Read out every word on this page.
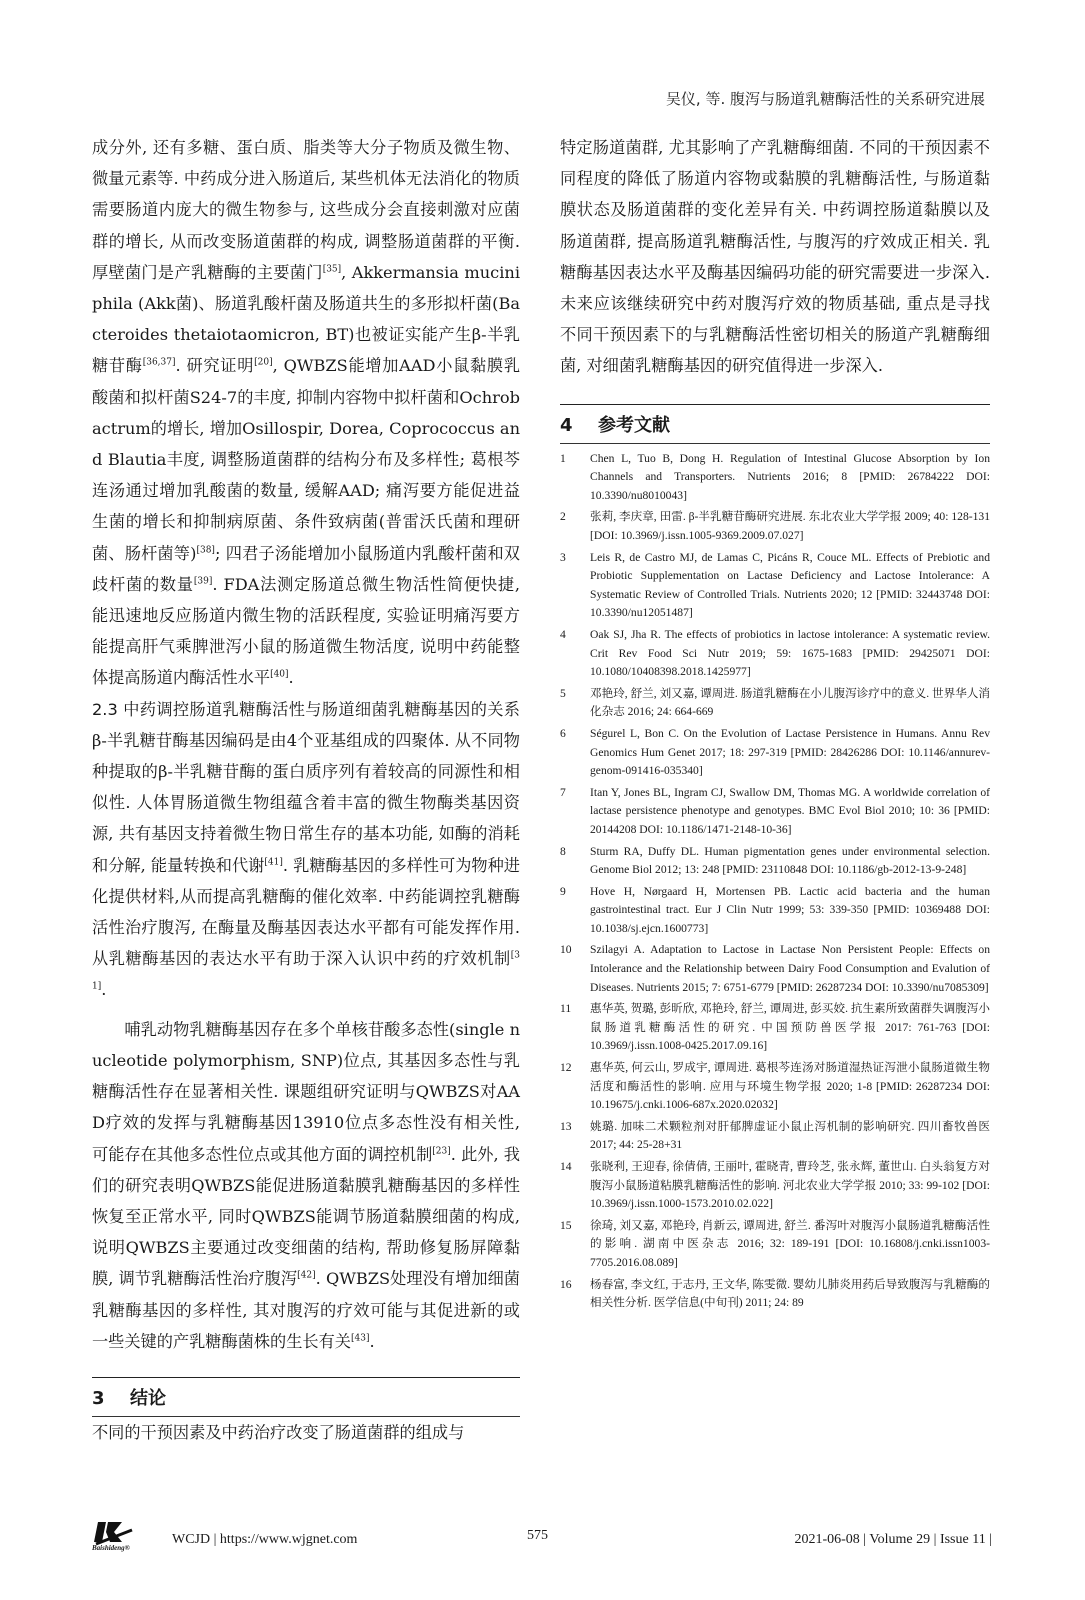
吴仪, 等. 腹泻与肠道乳糖酶活性的关系研究进展

成分外, 还有多糖、蛋白质、脂类等大分子物质及微生物、微量元素等. 中药成分进入肠道后, 某些机体无法消化的物质需要肠道内庞大的微生物参与, 这些成分会直接刺激对应菌群的增长, 从而改变肠道菌群的构成, 调整肠道菌群的平衡. 厚壁菌门是产乳糖酶的主要菌门[35], Akkermansia muciniphila (Akk菌)、肠道乳酸杆菌及肠道共生的多形拟杆菌(Bacteroides thetaiotaomicron, BT)也被证实能产生β-半乳糖苷酶[36,37]. 研究证明[20], QWBZS能增加AAD小鼠黏膜乳酸菌和拟杆菌S24-7的丰度, 抑制内容物中拟杆菌和Ochrobactrum的增长, 增加Osillospir, Dorea, Coprococcus and Blautia丰度, 调整肠道菌群的结构分布及多样性; 葛根芩连汤通过增加乳酸菌的数量, 缓解AAD; 痛泻要方能促进益生菌的增长和抑制病原菌、条件致病菌(普雷沃氏菌和理研菌、肠杆菌等)[38]; 四君子汤能增加小鼠肠道内乳酸杆菌和双歧杆菌的数量[39]. FDA法测定肠道总微生物活性简便快捷, 能迅速地反应肠道内微生物的活跃程度, 实验证明痛泻要方能提高肝气乘脾泄泻小鼠的肠道微生物活度, 说明中药能整体提高肠道内酶活性水平[40].

2.3 中药调控肠道乳糖酶活性与肠道细菌乳糖酶基因的关系 β-半乳糖苷酶基因编码是由4个亚基组成的四聚体. 从不同物种提取的β-半乳糖苷酶的蛋白质序列有着较高的同源性和相似性. 人体胃肠道微生物组蕴含着丰富的微生物酶类基因资源, 共有基因支持着微生物日常生存的基本功能, 如酶的消耗和分解, 能量转换和代谢[41]. 乳糖酶基因的多样性可为物种进化提供材料,从而提高乳糖酶的催化效率. 中药能调控乳糖酶活性治疗腹泻, 在酶量及酶基因表达水平都有可能发挥作用. 从乳糖酶基因的表达水平有助于深入认识中药的疗效机制[31].

哺乳动物乳糖酶基因存在多个单核苷酸多态性(single nucleotide polymorphism, SNP)位点, 其基因多态性与乳糖酶活性存在显著相关性. 课题组研究证明与QWBZS对AAD疗效的发挥与乳糖酶基因13910位点多态性没有相关性, 可能存在其他多态性位点或其他方面的调控机制[23]. 此外, 我们的研究表明QWBZS能促进肠道黏膜乳糖酶基因的多样性恢复至正常水平, 同时QWBZS能调节肠道黏膜细菌的构成, 说明QWBZS主要通过改变细菌的结构, 帮助修复肠屏障黏膜, 调节乳糖酶活性治疗腹泻[42]. QWBZS处理没有增加细菌乳糖酶基因的多样性, 其对腹泻的疗效可能与其促进新的或一些关键的产乳糖酶菌株的生长有关[43].

3 结论

不同的干预因素及中药治疗改变了肠道菌群的组成与

特定肠道菌群, 尤其影响了产乳糖酶细菌. 不同的干预因素不同程度的降低了肠道内容物或黏膜的乳糖酶活性, 与肠道黏膜状态及肠道菌群的变化差异有关. 中药调控肠道黏膜以及肠道菌群, 提高肠道乳糖酶活性, 与腹泻的疗效成正相关. 乳糖酶基因表达水平及酶基因编码功能的研究需要进一步深入. 未来应该继续研究中药对腹泻疗效的物质基础, 重点是寻找不同干预因素下的与乳糖酶活性密切相关的肠道产乳糖酶细菌, 对细菌乳糖酶基因的研究值得进一步深入.

4 参考文献
1	Chen L, Tuo B, Dong H. Regulation of Intestinal Glucose Absorption by Ion Channels and Transporters. Nutrients 2016; 8 [PMID: 26784222 DOI: 10.3390/nu8010043]
2	张莉, 李庆章, 田雷. β-半乳糖苷酶研究进展. 东北农业大学学报 2009; 40: 128-131 [DOI: 10.3969/j.issn.1005-9369.2009.07.027]
3	Leis R, de Castro MJ, de Lamas C, Picáns R, Couce ML. Effects of Prebiotic and Probiotic Supplementation on Lactase Deficiency and Lactose Intolerance: A Systematic Review of Controlled Trials. Nutrients 2020; 12 [PMID: 32443748 DOI: 10.3390/nu12051487]
4	Oak SJ, Jha R. The effects of probiotics in lactose intolerance: A systematic review. Crit Rev Food Sci Nutr 2019; 59: 1675-1683 [PMID: 29425071 DOI: 10.1080/10408398.2018.1425977]
5	邓艳玲, 舒兰, 刘又嘉, 谭周进. 肠道乳糖酶在小儿腹泻诊疗中的意义. 世界华人消化杂志 2016; 24: 664-669
6	Ségurel L, Bon C. On the Evolution of Lactase Persistence in Humans. Annu Rev Genomics Hum Genet 2017; 18: 297-319 [PMID: 28426286 DOI: 10.1146/annurev-genom-091416-035340]
7	Itan Y, Jones BL, Ingram CJ, Swallow DM, Thomas MG. A worldwide correlation of lactase persistence phenotype and genotypes. BMC Evol Biol 2010; 10: 36 [PMID: 20144208 DOI: 10.1186/1471-2148-10-36]
8	Sturm RA, Duffy DL. Human pigmentation genes under environmental selection. Genome Biol 2012; 13: 248 [PMID: 23110848 DOI: 10.1186/gb-2012-13-9-248]
9	Hove H, Nørgaard H, Mortensen PB. Lactic acid bacteria and the human gastrointestinal tract. Eur J Clin Nutr 1999; 53: 339-350 [PMID: 10369488 DOI: 10.1038/sj.ejcn.1600773]
10	Szilagyi A. Adaptation to Lactose in Lactase Non Persistent People: Effects on Intolerance and the Relationship between Dairy Food Consumption and Evalution of Diseases. Nutrients 2015; 7: 6751-6779 [PMID: 26287234 DOI: 10.3390/nu7085309]
11	惠华英, 贺璐, 彭昕欣, 邓艳玲, 舒兰, 谭周进, 彭买姣. 抗生素所致菌群失调腹泻小鼠肠道乳糖酶活性的研究. 中国预防兽医学报 2017: 761-763 [DOI: 10.3969/j.issn.1008-0425.2017.09.16]
12	惠华英, 何云山, 罗成宇, 谭周进. 葛根芩连汤对肠道湿热证泻泄小鼠肠道微生物活度和酶活性的影响. 应用与环境生物学报 2020; 1-8 [PMID: 26287234 DOI: 10.19675/j.cnki.1006-687x.2020.02032]
13	姚璐. 加味二术颗粒剂对肝郁脾虚证小鼠止泻机制的影响研究. 四川畜牧兽医 2017; 44: 25-28+31
14	张晓利, 王迎春, 徐倩倩, 王丽叶, 霍晓青, 曹玲芝, 张永辉, 董世山. 白头翁复方对腹泻小鼠肠道粘膜乳糖酶活性的影响. 河北农业大学学报 2010; 33: 99-102 [DOI: 10.3969/j.issn.1000-1573.2010.02.022]
15	徐琦, 刘又嘉, 邓艳玲, 肖新云, 谭周进, 舒兰. 番泻叶对腹泻小鼠肠道乳糖酶活性的影响. 湖南中医杂志 2016; 32: 189-191 [DOI: 10.16808/j.cnki.issn1003-7705.2016.08.089]
16	杨春富, 李文红, 于志丹, 王文华, 陈雯微. 婴幼儿肺炎用药后导致腹泻与乳糖酶的相关性分析. 医学信息(中旬刊) 2011; 24: 89
Baishideng®
WCJD | https://www.wjgnet.com	575	2021-06-08 | Volume 29 | Issue 11 |
